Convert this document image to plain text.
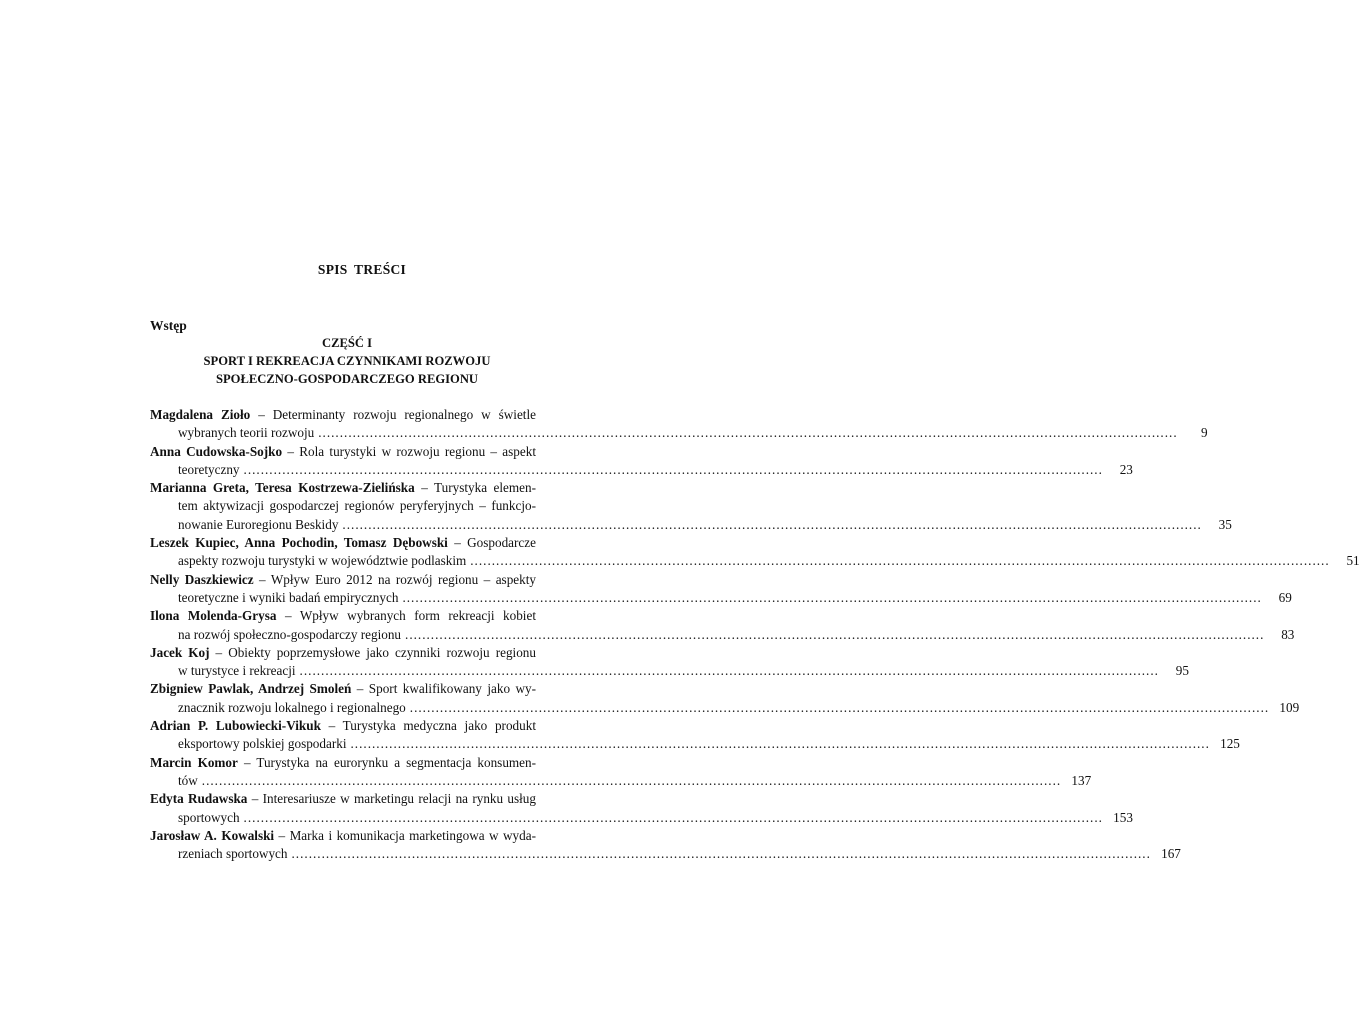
SPIS TREŚCI
Wstęp
CZĘŚĆ I
SPORT I REKREACJA CZYNNIKAMI ROZWOJU
SPOŁECZNO-GOSPODARCZEGO REGIONU
Magdalena Zioło – Determinanty rozwoju regionalnego w świetle
wybranych teorii rozwoju ........................................................................................................................................................................................................	9
Anna Cudowska-Sojko – Rola turystyki w rozwoju regionu – aspekt
teoretyczny ........................................................................................................................................................................................................	23
Marianna Greta, Teresa Kostrzewa-Zielińska – Turystyka elemen-
tem aktywizacji gospodarczej regionów peryferyjnych – funkcjo-
nowanie Euroregionu Beskidy ........................................................................................................................................................................................................	35
Leszek Kupiec, Anna Pochodin, Tomasz Dębowski – Gospodarcze
aspekty rozwoju turystyki w województwie podlaskim ........................................................................................................................................................................................................	51
Nelly Daszkiewicz – Wpływ Euro 2012 na rozwój regionu – aspekty
teoretyczne i wyniki badań empirycznych ........................................................................................................................................................................................................	69
Ilona Molenda-Grysa – Wpływ wybranych form rekreacji kobiet
na rozwój społeczno-gospodarczy regionu ........................................................................................................................................................................................................	83
Jacek Koj – Obiekty poprzemysłowe jako czynniki rozwoju regionu
w turystyce i rekreacji ........................................................................................................................................................................................................	95
Zbigniew Pawlak, Andrzej Smoleń – Sport kwalifikowany jako wy-
znacznik rozwoju lokalnego i regionalnego ........................................................................................................................................................................................................ 109
Adrian P. Lubowiecki-Vikuk – Turystyka medyczna jako produkt
eksportowy polskiej gospodarki ........................................................................................................................................................................................................ 125
Marcin Komor – Turystyka na eurorynku a segmentacja konsumen-
tów ........................................................................................................................................................................................................ 137
Edyta Rudawska – Interesariusze w marketingu relacji na rynku usług
sportowych ........................................................................................................................................................................................................ 153
Jarosław A. Kowalski – Marka i komunikacja marketingowa w wyda-
rzeniach sportowych ........................................................................................................................................................................................................ 167
